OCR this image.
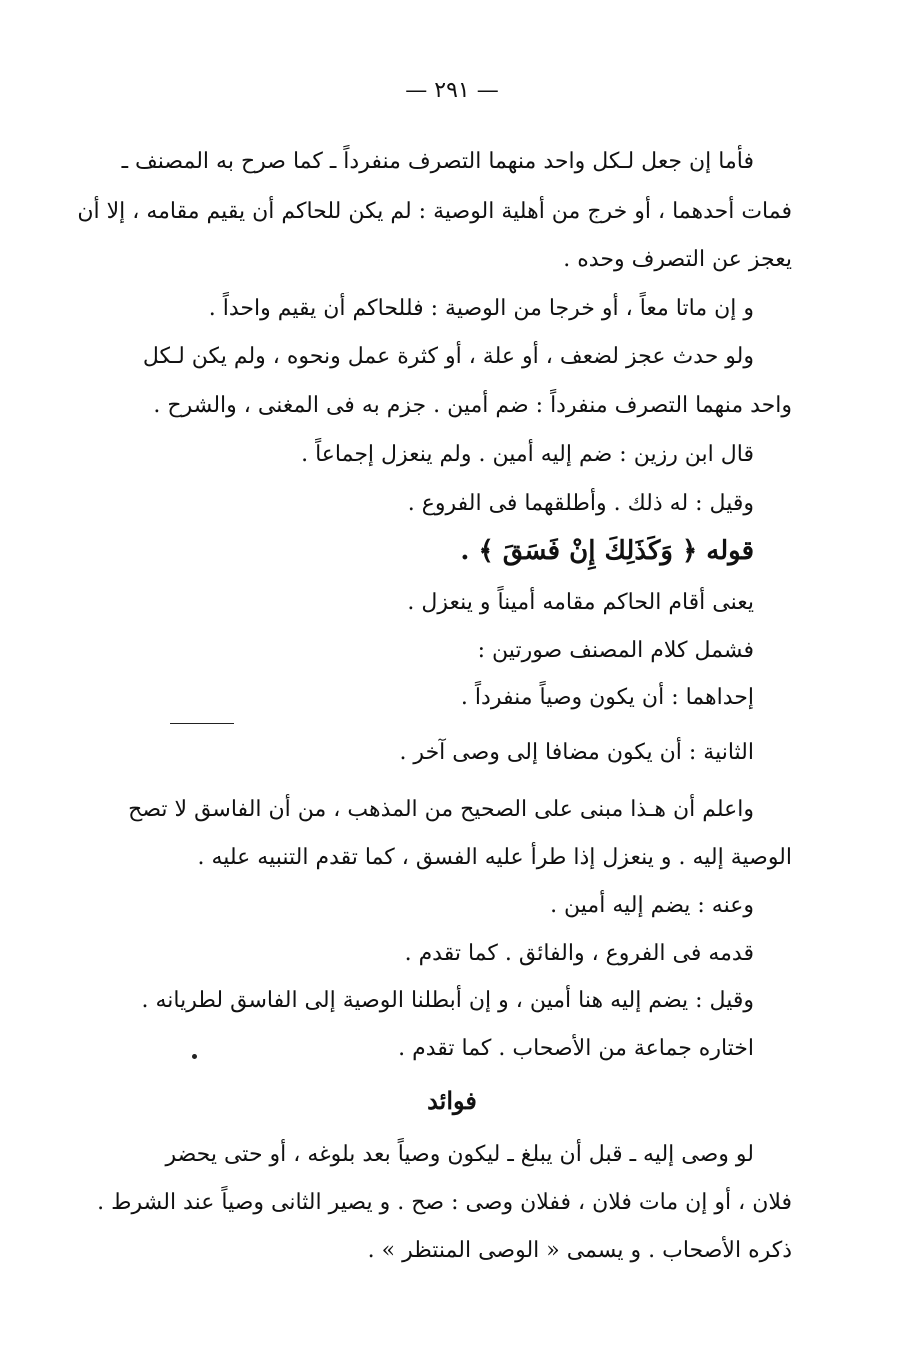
— ٢٩١ —
فأما إن جعل لـكل واحد منهما التصرف منفرداً ـ كما صرح به المصنف ـ
فمات أحدهما ، أو خرج من أهلية الوصية : لم يكن للحاكم أن يقيم مقامه ، إلا أن
يعجز عن التصرف وحده .
و إن ماتا معاً ، أو خرجا من الوصية : فللحاكم أن يقيم واحداً .
ولو حدث عجز لضعف ، أو علة ، أو كثرة عمل ونحوه ، ولم يكن لـكل
واحد منهما التصرف منفرداً : ضم أمين . جزم به فى المغنى ، والشرح .
قال ابن رزين : ضم إليه أمين . ولم ينعزل إجماعاً .
وقيل : له ذلك . وأطلقهما فى الفروع .
قوله ﴿ وَكَذَلِكَ إِنْ فَسَقَ ﴾ .
يعنى أقام الحاكم مقامه أميناً و ينعزل .
فشمل كلام المصنف صورتين :
إحداهما : أن يكون وصياً منفرداً .
الثانية : أن يكون مضافا إلى وصى آخر .
واعلم أن هـذا مبنى على الصحيح من المذهب ، من أن الفاسق لا تصح
الوصية إليه . و ينعزل إذا طرأ عليه الفسق ، كما تقدم التنبيه عليه .
وعنه : يضم إليه أمين .
قدمه فى الفروع ، والفائق . كما تقدم .
وقيل : يضم إليه هنا أمين ، و إن أبطلنا الوصية إلى الفاسق لطريانه .
اختاره جماعة من الأصحاب . كما تقدم .
فوائد
لو وصى إليه ـ قبل أن يبلغ ـ ليكون وصياً بعد بلوغه ، أو حتى يحضر
فلان ، أو إن مات فلان ، ففلان وصى : صح . و يصير الثانى وصياً عند الشرط .
ذكره الأصحاب . و يسمى « الوصى المنتظر » .
